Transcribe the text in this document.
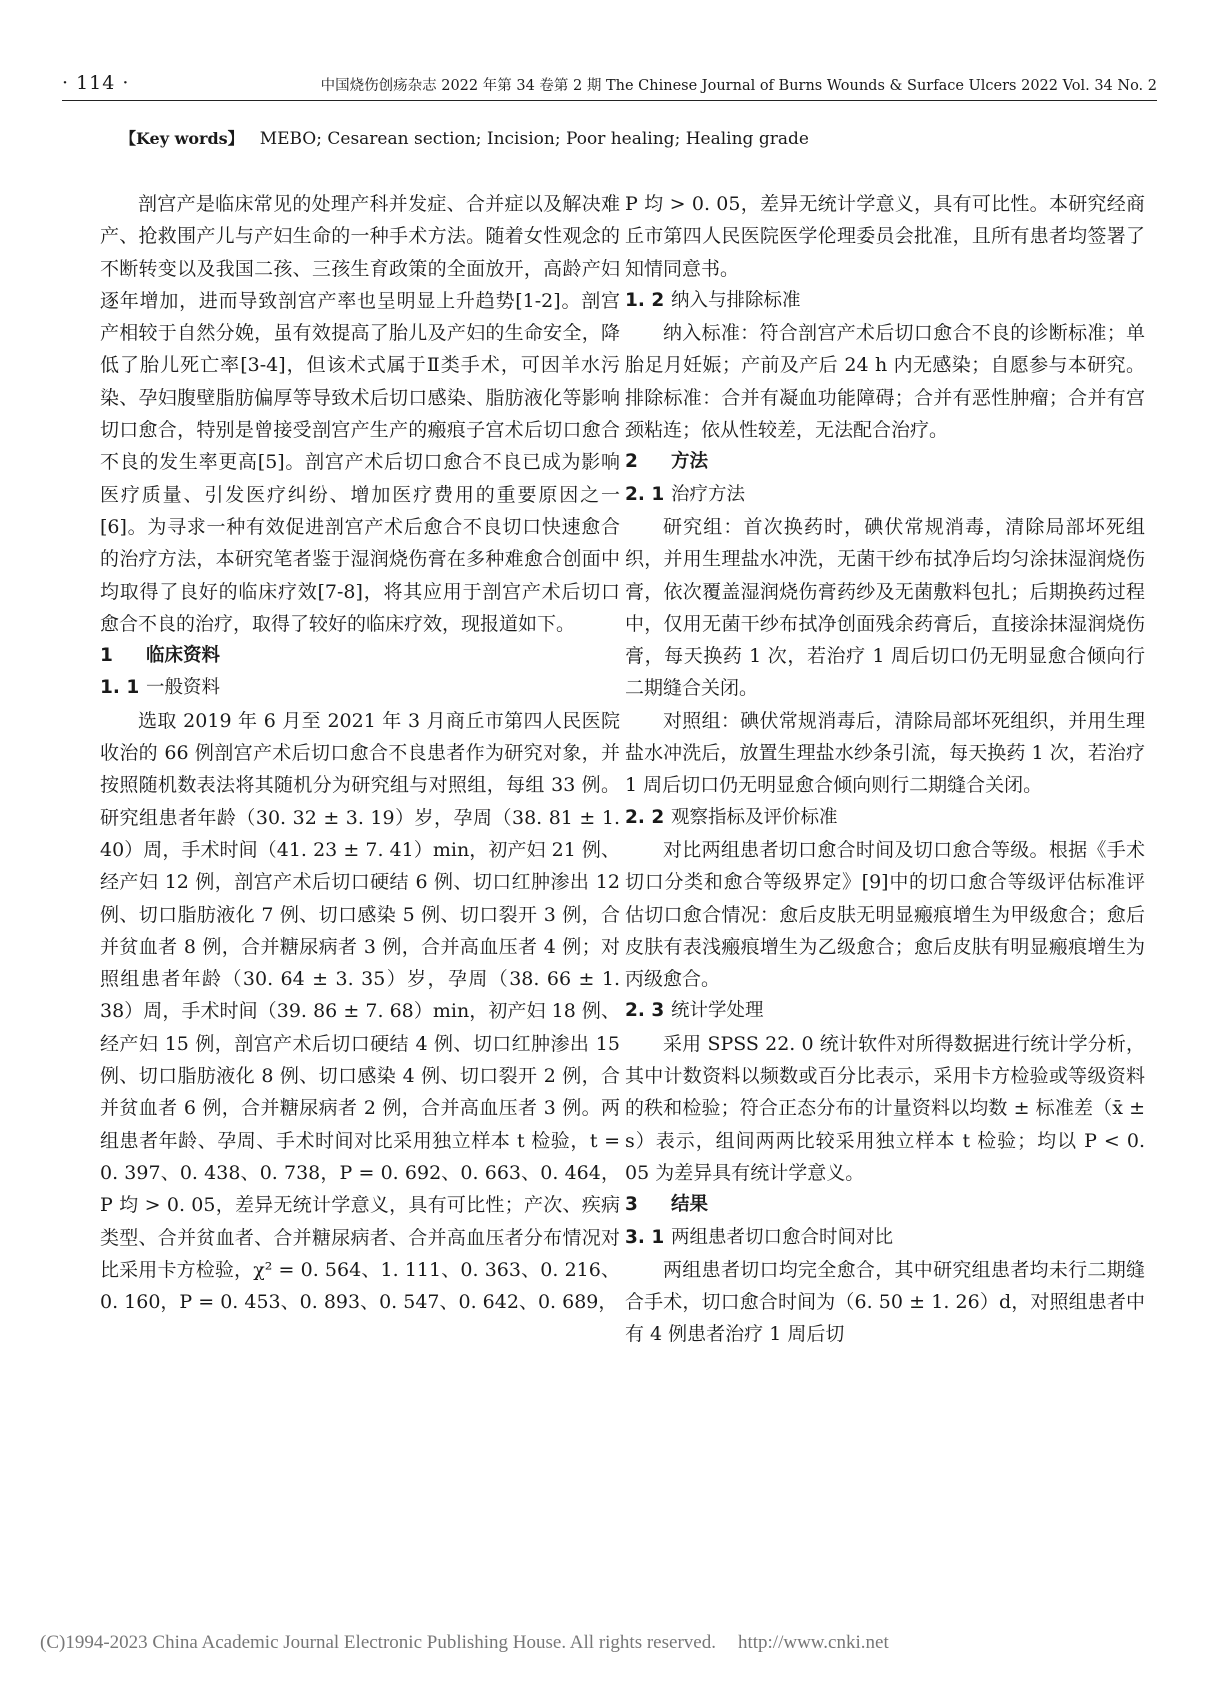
· 114 ·	中国烧伤创疡杂志 2022 年第 34 卷第 2 期 The Chinese Journal of Burns Wounds & Surface Ulcers 2022 Vol. 34 No. 2
【Key words】 MEBO; Cesarean section; Incision; Poor healing; Healing grade

剖宫产是临床常见的处理产科并发症、合并症以及解决难产、抢救围产儿与产妇生命的一种手术方法。随着女性观念的不断转变以及我国二孩、三孩生育政策的全面放开，高龄产妇逐年增加，进而导致剖宫产率也呈明显上升趋势[1-2]。剖宫产相较于自然分娩，虽有效提高了胎儿及产妇的生命安全，降低了胎儿死亡率[3-4]，但该术式属于Ⅱ类手术，可因羊水污染、孕妇腹壁脂肪偏厚等导致术后切口感染、脂肪液化等影响切口愈合，特别是曾接受剖宫产生产的瘢痕子宫术后切口愈合不良的发生率更高[5]。剖宫产术后切口愈合不良已成为影响医疗质量、引发医疗纠纷、增加医疗费用的重要原因之一[6]。为寻求一种有效促进剖宫产术后愈合不良切口快速愈合的治疗方法，本研究笔者鉴于湿润烧伤膏在多种难愈合创面中均取得了良好的临床疗效[7-8]，将其应用于剖宫产术后切口愈合不良的治疗，取得了较好的临床疗效，现报道如下。

1 临床资料
1. 1 一般资料

选取 2019 年 6 月至 2021 年 3 月商丘市第四人民医院收治的 66 例剖宫产术后切口愈合不良患者作为研究对象，并按照随机数表法将其随机分为研究组与对照组，每组 33 例。研究组患者年龄（30. 32 ± 3. 19）岁，孕周（38. 81 ± 1. 40）周，手术时间（41. 23 ± 7. 41）min，初产妇 21 例、经产妇 12 例，剖宫产术后切口硬结 6 例、切口红肿渗出 12 例、切口脂肪液化 7 例、切口感染 5 例、切口裂开 3 例，合并贫血者 8 例，合并糖尿病者 3 例，合并高血压者 4 例；对照组患者年龄（30. 64 ± 3. 35）岁，孕周（38. 66 ± 1. 38）周，手术时间（39. 86 ± 7. 68）min，初产妇 18 例、经产妇 15 例，剖宫产术后切口硬结 4 例、切口红肿渗出 15 例、切口脂肪液化 8 例、切口感染 4 例、切口裂开 2 例，合并贫血者 6 例，合并糖尿病者 2 例，合并高血压者 3 例。两组患者年龄、孕周、手术时间对比采用独立样本 t 检验，t = 0. 397、0. 438、0. 738，P = 0. 692、0. 663、0. 464，P 均 > 0. 05，差异无统计学意义，具有可比性；产次、疾病类型、合并贫血者、合并糖尿病者、合并高血压者分布情况对比采用卡方检验，χ² = 0. 564、1. 111、0. 363、0. 216、0. 160，P = 0. 453、0. 893、0. 547、0. 642、0. 689，

P 均 > 0. 05，差异无统计学意义，具有可比性。本研究经商丘市第四人民医院医学伦理委员会批准，且所有患者均签署了知情同意书。

1. 2 纳入与排除标准

纳入标准：符合剖宫产术后切口愈合不良的诊断标准；单胎足月妊娠；产前及产后 24 h 内无感染；自愿参与本研究。排除标准：合并有凝血功能障碍；合并有恶性肿瘤；合并有宫颈粘连；依从性较差，无法配合治疗。

2 方法
2. 1 治疗方法

研究组：首次换药时，碘伏常规消毒，清除局部坏死组织，并用生理盐水冲洗，无菌干纱布拭净后均匀涂抹湿润烧伤膏，依次覆盖湿润烧伤膏药纱及无菌敷料包扎；后期换药过程中，仅用无菌干纱布拭净创面残余药膏后，直接涂抹湿润烧伤膏，每天换药 1 次，若治疗 1 周后切口仍无明显愈合倾向行二期缝合关闭。

对照组：碘伏常规消毒后，清除局部坏死组织，并用生理盐水冲洗后，放置生理盐水纱条引流，每天换药 1 次，若治疗 1 周后切口仍无明显愈合倾向则行二期缝合关闭。

2. 2 观察指标及评价标准

对比两组患者切口愈合时间及切口愈合等级。根据《手术切口分类和愈合等级界定》[9]中的切口愈合等级评估标准评估切口愈合情况：愈后皮肤无明显瘢痕增生为甲级愈合；愈后皮肤有表浅瘢痕增生为乙级愈合；愈后皮肤有明显瘢痕增生为丙级愈合。

2. 3 统计学处理

采用 SPSS 22. 0 统计软件对所得数据进行统计学分析，其中计数资料以频数或百分比表示，采用卡方检验或等级资料的秩和检验；符合正态分布的计量资料以均数 ± 标准差（x̄ ± s）表示，组间两两比较采用独立样本 t 检验；均以 P < 0. 05 为差异具有统计学意义。

3 结果
3. 1 两组患者切口愈合时间对比

两组患者切口均完全愈合，其中研究组患者均未行二期缝合手术，切口愈合时间为（6. 50 ± 1. 26）d，对照组患者中有 4 例患者治疗 1 周后切

(C)1994-2023 China Academic Journal Electronic Publishing House. All rights reserved. http://www.cnki.net
